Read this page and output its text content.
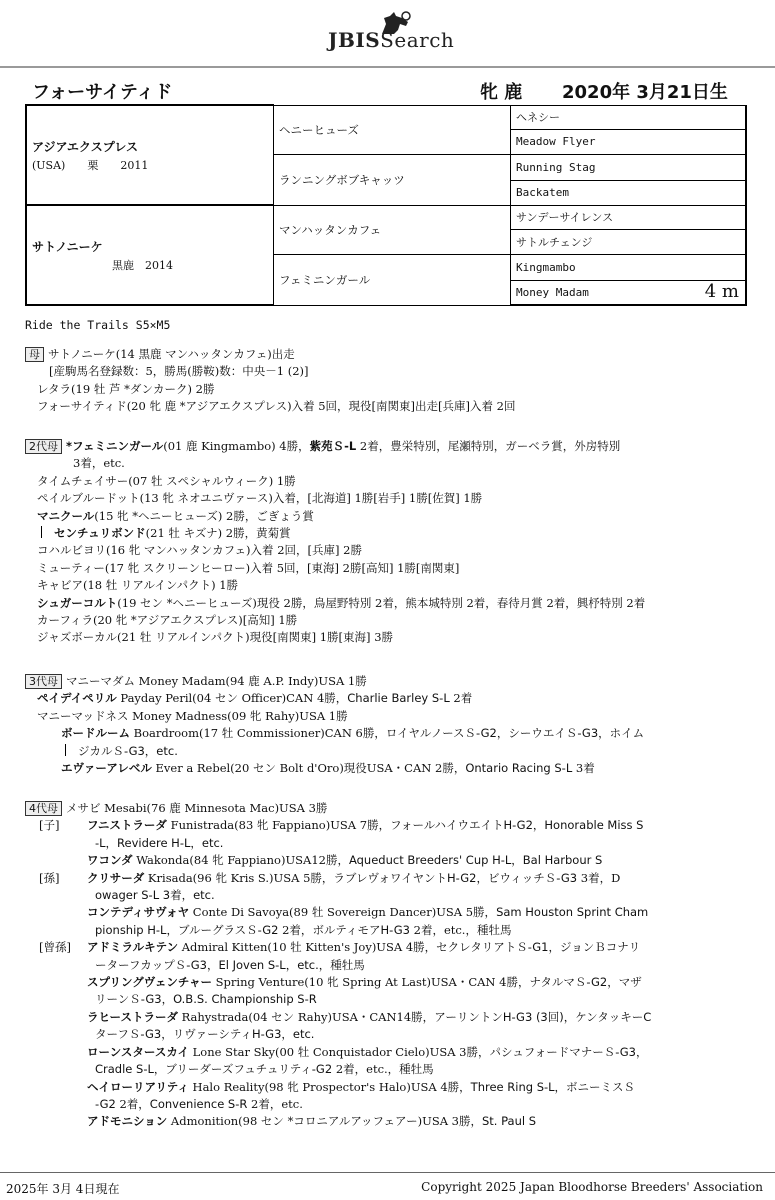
JBISSearch
フォーサイティド	牝 鹿 2020年 3月21日生
アジアエクスプレス
(USA)　　栗　　2011	ヘニーヒューズ	ヘネシー
		Meadow Flyer
	ランニングボブキャッツ	Running Stag
		Backatem

サトノニーケ
黒鹿　2014	マンハッタンカフェ	サンデーサイレンス
		サトルチェンジ
	フェミニンガール	Kingmambo
		Money Madam 4 m
Ride the Trails S5×M5
母 サトノニーケ(14 黒鹿 マンハッタンカフェ)出走
[産駒馬名登録数：5，勝馬(勝鞍)数：中央－1 (2)]
レタラ(19 牡 芦 *ダンカーク) 2勝
フォーサイティド(20 牝 鹿 *アジアエクスプレス)入着 5回，現役[南関東]出走[兵庫]入着 2回
2代母 *フェミニンガール(01 鹿 Kingmambo) 4勝，紫苑Ｓ-L 2着，豊栄特別，尾瀬特別，ガーベラ賞，外房特別
3着，etc.
タイムチェイサー(07 牡 スペシャルウィーク) 1勝
ペイルブルードット(13 牝 ネオユニヴァース)入着，[北海道] 1勝[岩手] 1勝[佐賀] 1勝
マニクール(15 牝 *ヘニーヒューズ) 2勝，ごぎょう賞
センチュリボンド(21 牡 キズナ) 2勝，黄菊賞
コハルビヨリ(16 牝 マンハッタンカフェ)入着 2回，[兵庫] 2勝
ミューティー(17 牝 スクリーンヒーロー)入着 5回，[東海] 2勝[高知] 1勝[南関東]
キャビア(18 牡 リアルインパクト) 1勝
シュガーコルト(19 セン *ヘニーヒューズ)現役 2勝，鳥屋野特別 2着，熊本城特別 2着，春待月賞 2着，興杼特別 2着
カーフィラ(20 牝 *アジアエクスプレス)[高知] 1勝
ジャズボーカル(21 牡 リアルインパクト)現役[南関東] 1勝[東海] 3勝
3代母 マニーマダム Money Madam(94 鹿 A.P. Indy)USA 1勝
ペイデイペリル Payday Peril(04 セン Officer)CAN 4勝，Charlie Barley S-L 2着
マニーマッドネス Money Madness(09 牝 Rahy)USA 1勝
ボードルーム Boardroom(17 牡 Commissioner)CAN 6勝，ロイヤルノースＳ-G2，シーウエイＳ-G3，ホイム
ジカルＳ-G3，etc.
エヴァーアレベル Ever a Rebel(20 セン Bolt d'Oro)現役USA・CAN 2勝，Ontario Racing S-L 3着
4代母 メサビ Mesabi(76 鹿 Minnesota Mac)USA 3勝
[子] フニストラーダ Funistrada(83 牝 Fappiano)USA 7勝，フォールハイウエイトH-G2，Honorable Miss S
-L，Revidere H-L，etc.
ワコンダ Wakonda(84 牝 Fappiano)USA12勝，Aqueduct Breeders' Cup H-L，Bal Harbour S
[孫] クリサーダ Krisada(96 牝 Kris S.)USA 5勝，ラブレヴォワイヤントH-G2，ビウィッチＳ-G3 3着，D
owager S-L 3着，etc.
コンテディサヴォヤ Conte Di Savoya(89 牡 Sovereign Dancer)USA 5勝，Sam Houston Sprint Cham
pionship H-L，ブルーグラスＳ-G2 2着，ボルティモアH-G3 2着，etc.，種牡馬
[曾孫] アドミラルキテン Admiral Kitten(10 牡 Kitten's Joy)USA 4勝，セクレタリアトＳ-G1，ジョンＢコナリ
ーターフカップＳ-G3，El Joven S-L，etc.，種牡馬
スプリングヴェンチャー Spring Venture(10 牝 Spring At Last)USA・CAN 4勝，ナタルマＳ-G2，マザ
リーンＳ-G3，O.B.S. Championship S-R
ラヒーストラーダ Rahystrada(04 セン Rahy)USA・CAN14勝，アーリントンH-G3 (3回)，ケンタッキーC
ターフＳ-G3，リヴァーシティH-G3，etc.
ローンスタースカイ Lone Star Sky(00 牡 Conquistador Cielo)USA 3勝，パシュフォードマナーＳ-G3，
Cradle S-L，ブリーダーズフュチュリティ-G2 2着，etc.，種牡馬
ヘイローリアリティ Halo Reality(98 牝 Prospector's Halo)USA 4勝，Three Ring S-L，ボニーミスＳ
-G2 2着，Convenience S-R 2着，etc.
アドモニション Admonition(98 セン *コロニアルアッフェアー)USA 3勝，St. Paul S
2025年 3月 4日現在	Copyright 2025 Japan Bloodhorse Breeders' Association
